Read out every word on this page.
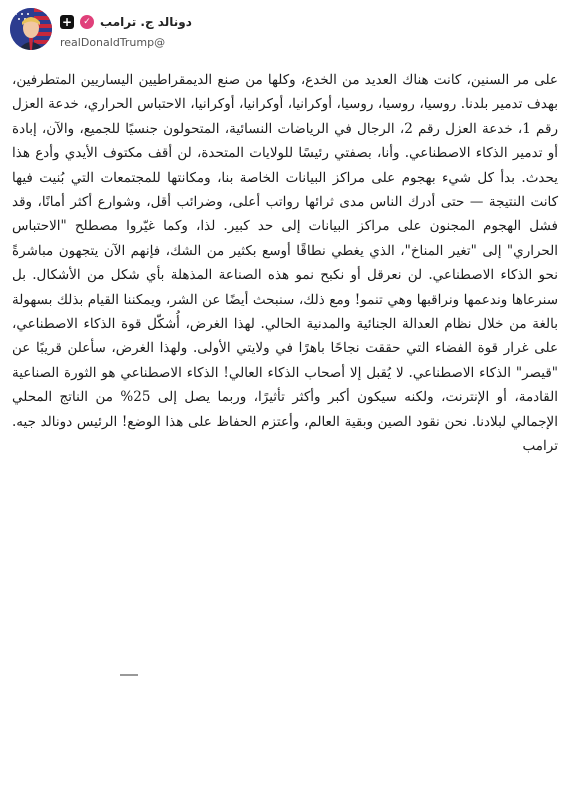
+	✓ دونالد ج. ترامب
realDonaldTrump@

على مر السنين، كانت هناك العديد من الخدع، وكلها من صنع الديمقراطيين اليساريين المتطرفين، بهدف تدمير بلدنا. روسيا، روسيا، روسيا، أوكرانيا، أوكرانيا، أوكرانيا، الاحتباس الحراري، خدعة العزل رقم 1، خدعة العزل رقم 2، الرجال في الرياضات النسائية، المتحولون جنسيًا للجميع، والآن، إبادة أو تدمير الذكاء الاصطناعي. وأنا، بصفتي رئيسًا للولايات المتحدة، لن أقف مكتوف الأيدي وأدع هذا يحدث. بدأ كل شيء بهجوم على مراكز البيانات الخاصة بنا، ومكانتها للمجتمعات التي بُنيت فيها كانت النتيجة — حتى أدرك الناس مدى ثرائها رواتب أعلى، وضرائب أقل، وشوارع أكثر أمانًا، وقد فشل الهجوم المجنون على مراكز البيانات إلى حد كبير. لذا، وكما غيّروا مصطلح "الاحتباس الحراري" إلى "تغير المناخ"، الذي يغطي نطاقًا أوسع بكثير من الشك، فإنهم الآن يتجهون مباشرةً نحو الذكاء الاصطناعي. لن نعرقل أو نكبح نمو هذه الصناعة المذهلة بأي شكل من الأشكال. بل سنرعاها وندعمها ونراقبها وهي تنمو! ومع ذلك، سنبحث أيضًا عن الشر، ويمكننا القيام بذلك بسهولة بالغة من خلال نظام العدالة الجنائية والمدنية الحالي. لهذا الغرض، أُشكّل قوة الذكاء الاصطناعي، على غرار قوة الفضاء التي حققت نجاحًا باهرًا في ولايتي الأولى. ولهذا الغرض، سأعلن قريبًا عن "قيصر" الذكاء الاصطناعي. لا يُقبل إلا أصحاب الذكاء العالي! الذكاء الاصطناعي هو الثورة الصناعية القادمة، أو الإنترنت، ولكنه سيكون أكبر وأكثر تأثيرًا، وربما يصل إلى 25% من الناتج المحلي الإجمالي لبلادنا. نحن نقود الصين وبقية العالم، وأعتزم الحفاظ على هذا الوضع! الرئيس دونالد جيه. ترامب
